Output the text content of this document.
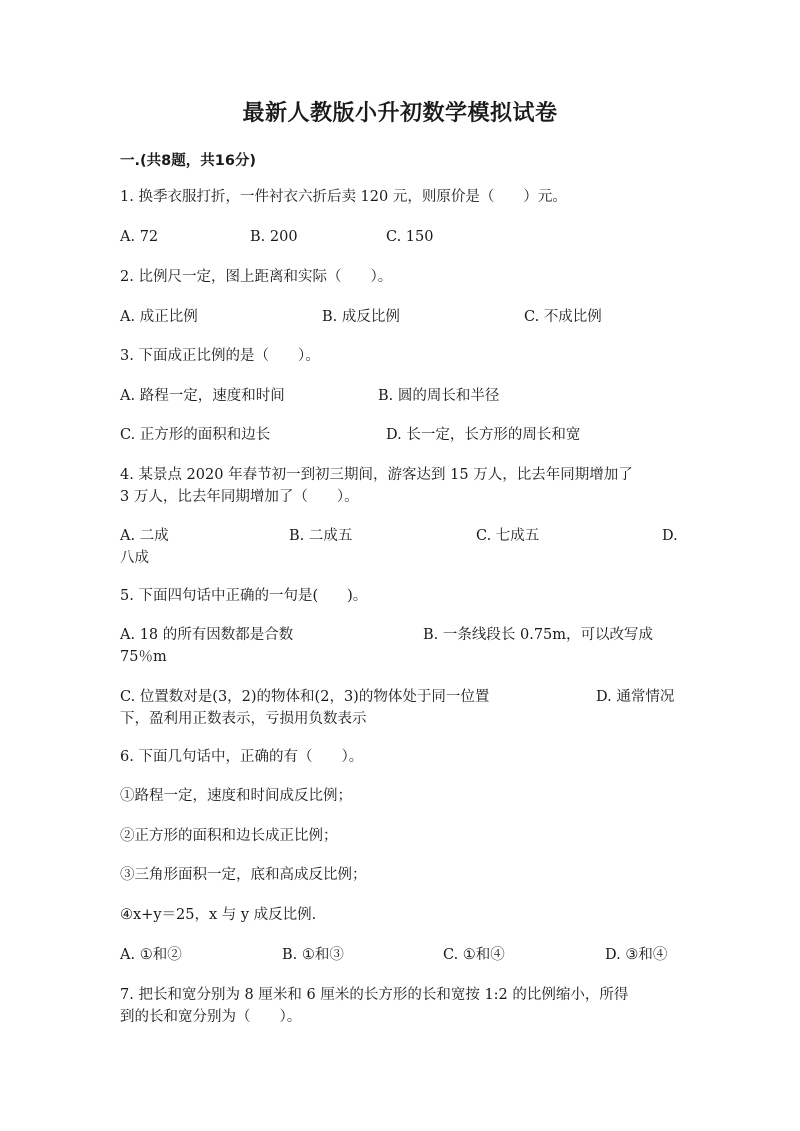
最新人教版小升初数学模拟试卷
一.(共8题，共16分)
1. 换季衣服打折，一件衬衣六折后卖 120 元，则原价是（　　）元。
A. 72	B. 200	C. 150
2. 比例尺一定，图上距离和实际（　　）。
A. 成正比例	B. 成反比例	C. 不成比例
3. 下面成正比例的是（　　）。
A. 路程一定，速度和时间	B. 圆的周长和半径
C. 正方形的面积和边长	D. 长一定，长方形的周长和宽
4. 某景点 2020 年春节初一到初三期间，游客达到 15 万人，比去年同期增加了
3 万人，比去年同期增加了（　　）。
A. 二成	B. 二成五	C. 七成五	D.
八成
5. 下面四句话中正确的一句是(　　)。
A. 18 的所有因数都是合数	B. 一条线段长 0.75m，可以改写成
75％m
C. 位置数对是(3，2)的物体和(2，3)的物体处于同一位置	D. 通常情况
下，盈利用正数表示，亏损用负数表示
6. 下面几句话中，正确的有（　　）。
①路程一定，速度和时间成反比例；
②正方形的面积和边长成正比例；
③三角形面积一定，底和高成反比例；
④x+y＝25，x 与 y 成反比例.
A. ①和②	B. ①和③	C. ①和④	D. ③和④
7. 把长和宽分别为 8 厘米和 6 厘米的长方形的长和宽按 1:2 的比例缩小，所得
到的长和宽分别为（　　）。
